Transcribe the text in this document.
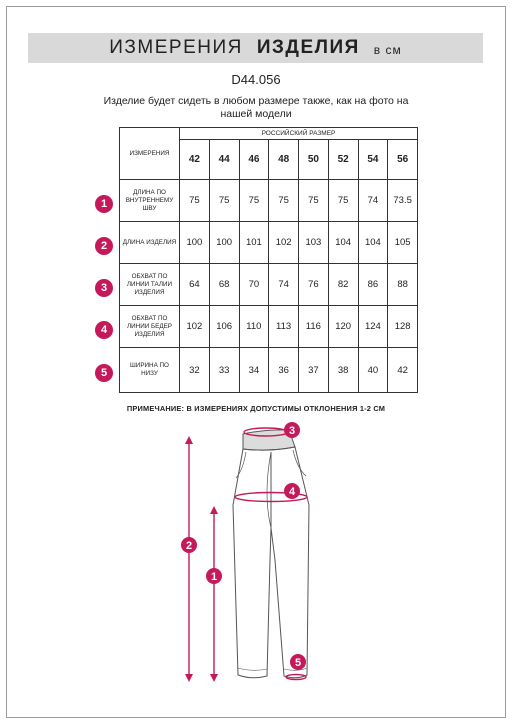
ИЗМЕРЕНИЯ ИЗДЕЛИЯ в см
D44.056
Изделие будет сидеть в любом размере также, как на фото на нашей модели
ИЗМЕРЕНИЯ	РОССИЙСКИЙ РАЗМЕР							
	42	44	46	48	50	52	54	56
ДЛИНА ПО ВНУТРЕННЕМУ ШВУ	75	75	75	75	75	75	74	73.5
ДЛИНА ИЗДЕЛИЯ	100	100	101	102	103	104	104	105
ОБХВАТ ПО ЛИНИИ ТАЛИИ ИЗДЕЛИЯ	64	68	70	74	76	82	86	88
ОБХВАТ ПО ЛИНИИ БЕДЕР ИЗДЕЛИЯ	102	106	110	113	116	120	124	128
ШИРИНА ПО НИЗУ	32	33	34	36	37	38	40	42
1
2
3
4
5
ПРИМЕЧАНИЕ: В ИЗМЕРЕНИЯХ ДОПУСТИМЫ ОТКЛОНЕНИЯ 1-2 СМ
3
4
2
1
5
